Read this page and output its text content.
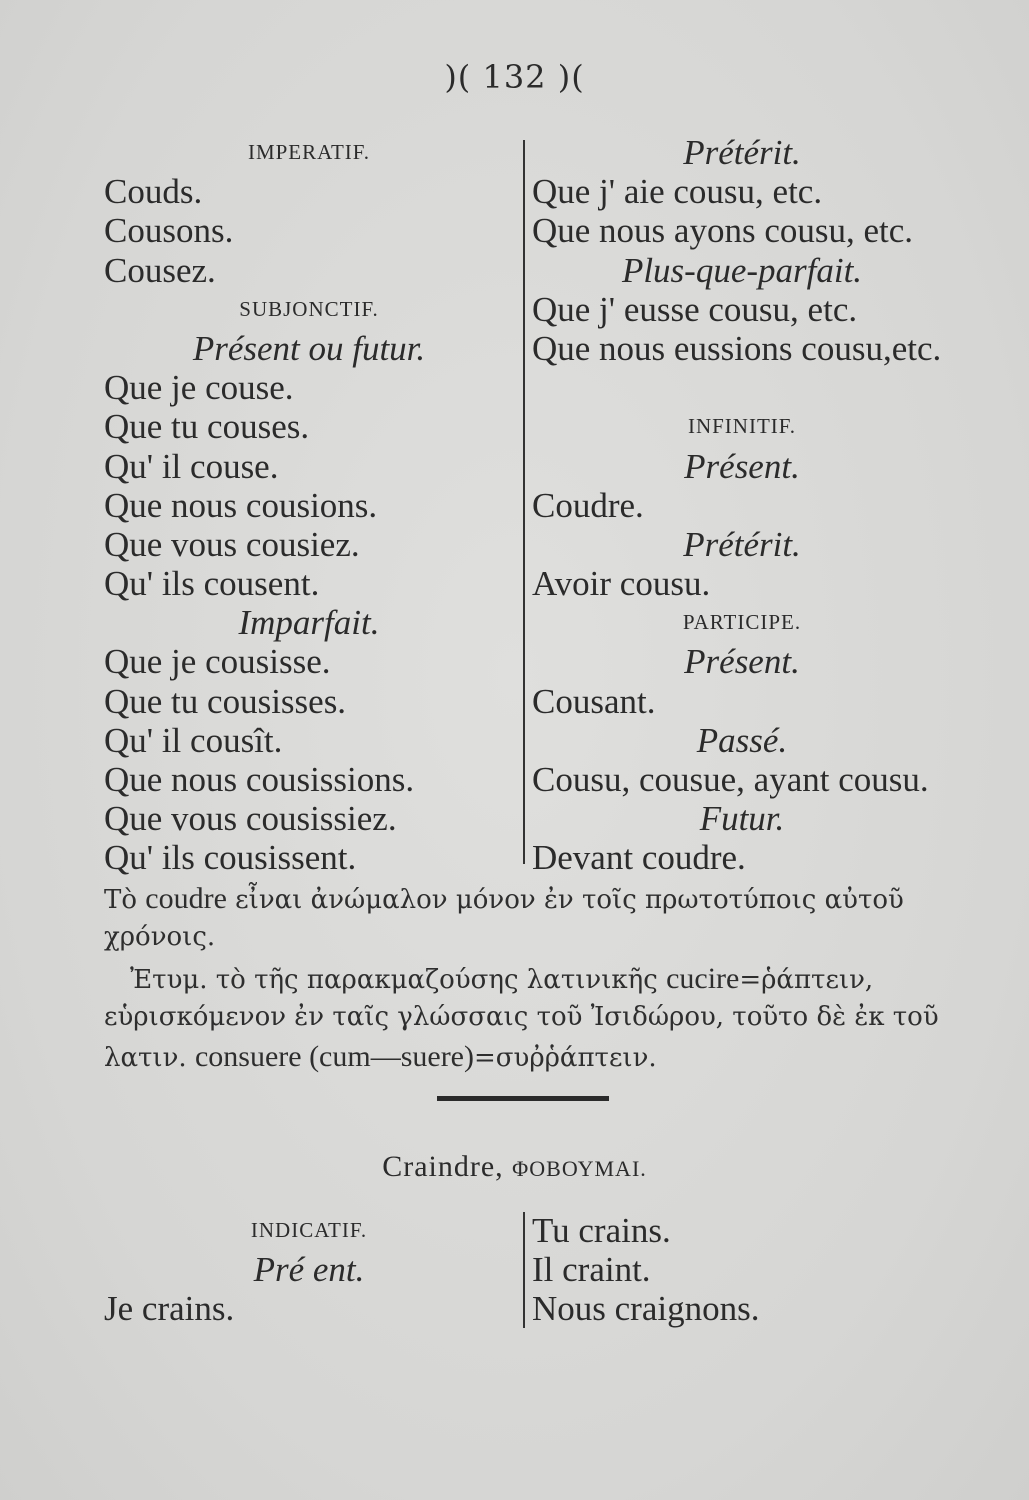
)( 132 )(
IMPERATIF.
Couds.
Cousons.
Cousez.
SUBJONCTIF.
Présent ou futur.
Que je couse.
Que tu couses.
Qu' il couse.
Que nous cousions.
Que vous cousiez.
Qu' ils cousent.
Imparfait.
Que je cousisse.
Que tu cousisses.
Qu' il cousît.
Que nous cousissions.
Que vous cousissiez.
Qu' ils cousissent.
Prétérit.
Que j' aie cousu, etc.
Que nous ayons cousu, etc.
Plus-que-parfait.
Que j' eusse cousu, etc.
Que nous eussions cousu,etc.
INFINITIF.
Présent.
Coudre.
Prétérit.
Avoir cousu.
PARTICIPE.
Présent.
Cousant.
Passé.
Cousu, cousue, ayant cousu.
Futur.
Devant coudre.
Τὸ coudre εἶναι ἀνώμαλον μόνον ἐν τοῖς πρωτοτύποις αὐτοῦ
χρόνοις.
Ἐτυμ. τὸ τῆς παρακμαζούσης λατινικῆς cucire=ῥάπτειν,
εὑρισκόμενον ἐν ταῖς γλώσσαις τοῦ Ἰσιδώρου, τοῦτο δὲ ἐκ τοῦ
λατιν. consuere (cum—suere)=συῤῥάπτειν.
Craindre, ΦΟΒΟΥΜΑΙ.
INDICATIF.
Pré ent.
Je crains.
Tu crains.
Il craint.
Nous craignons.
